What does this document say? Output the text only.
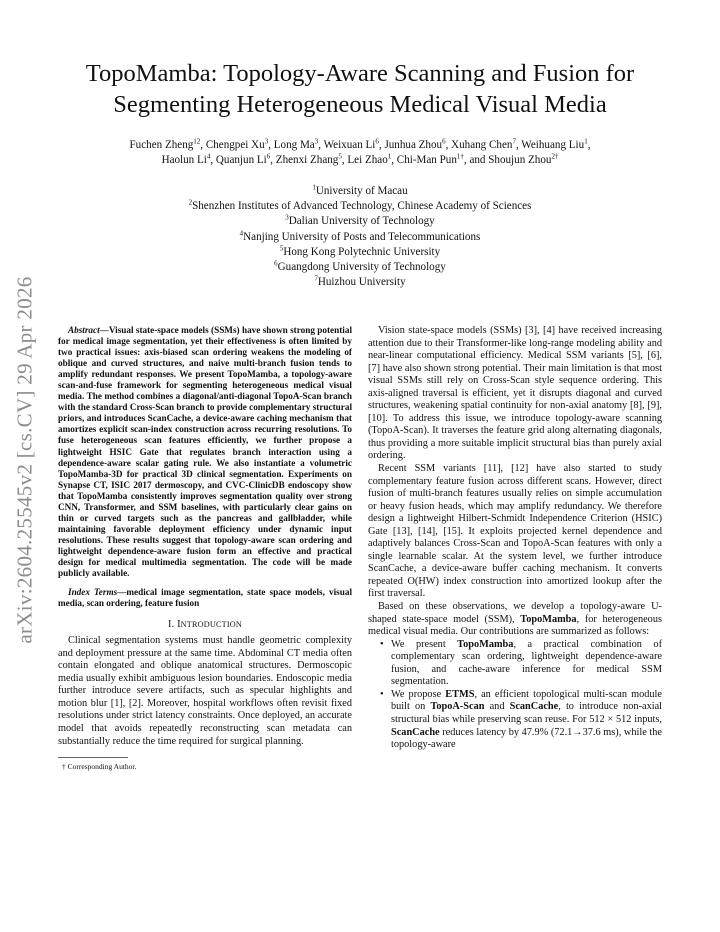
arXiv:2604.25545v2 [cs.CV] 29 Apr 2026
TopoMamba: Topology-Aware Scanning and Fusion for
Segmenting Heterogeneous Medical Visual Media
Fuchen Zheng$^{12}$, Chengpei Xu$^3$, Long Ma$^3$, Weixuan Li$^6$, Junhua Zhou$^6$, Xuhang Chen$^7$, Weihuang Liu$^1$,
Haolun Li$^4$, Quanjun Li$^6$, Zhenxi Zhang$^5$, Lei Zhao$^1$, Chi-Man Pun$^{1\dagger}$, and Shoujun Zhou$^{2\dagger}$
$^1$University of Macau
$^2$Shenzhen Institutes of Advanced Technology, Chinese Academy of Sciences
$^3$Dalian University of Technology
$^4$Nanjing University of Posts and Telecommunications
$^5$Hong Kong Polytechnic University
$^6$Guangdong University of Technology
$^7$Huizhou University

Abstract—Visual state-space models (SSMs) have shown strong potential for medical image segmentation, yet their effectiveness is often limited by two practical issues: axis-biased scan ordering weakens the modeling of oblique and curved structures, and naive multi-branch fusion tends to amplify redundant responses. We present TopoMamba, a topology-aware scan-and-fuse framework for segmenting heterogeneous medical visual media. The method combines a diagonal/anti-diagonal TopoA-Scan branch with the standard Cross-Scan branch to provide complementary structural priors, and introduces ScanCache, a device-aware caching mechanism that amortizes explicit scan-index construction across recurring resolutions. To fuse heterogeneous scan features efficiently, we further propose a lightweight HSIC Gate that regulates branch interaction using a dependence-aware scalar gating rule. We also instantiate a volumetric TopoMamba-3D for practical 3D clinical segmentation. Experiments on Synapse CT, ISIC 2017 dermoscopy, and CVC-ClinicDB endoscopy show that TopoMamba consistently improves segmentation quality over strong CNN, Transformer, and SSM baselines, with particularly clear gains on thin or curved targets such as the pancreas and gallbladder, while maintaining favorable deployment efficiency under dynamic input resolutions. These results suggest that topology-aware scan ordering and lightweight dependence-aware fusion form an effective and practical design for medical multimedia segmentation. The code will be made publicly available.

Index Terms—medical image segmentation, state space models, visual media, scan ordering, feature fusion

I. INTRODUCTION

Clinical segmentation systems must handle geometric complexity and deployment pressure at the same time. Abdominal CT media often contain elongated and oblique anatomical structures. Dermoscopic media usually exhibit ambiguous lesion boundaries. Endoscopic media further introduce severe artifacts, such as specular highlights and motion blur [1], [2]. Moreover, hospital workflows often revisit fixed resolutions under strict latency constraints. Once deployed, an accurate model that avoids repeatedly reconstructing scan metadata can substantially reduce the time required for surgical planning.

† Corresponding Author.

Vision state-space models (SSMs) [3], [4] have received increasing attention due to their Transformer-like long-range modeling ability and near-linear computational efficiency. Medical SSM variants [5], [6], [7] have also shown strong potential. Their main limitation is that most visual SSMs still rely on Cross-Scan style sequence ordering. This axis-aligned traversal is efficient, yet it disrupts diagonal and curved structures, weakening spatial continuity for non-axial anatomy [8], [9], [10]. To address this issue, we introduce topology-aware scanning (TopoA-Scan). It traverses the feature grid along alternating diagonals, thus providing a more suitable implicit structural bias than purely axial ordering.

Recent SSM variants [11], [12] have also started to study complementary feature fusion across different scans. However, direct fusion of multi-branch features usually relies on simple accumulation or heavy fusion heads, which may amplify redundancy. We therefore design a lightweight Hilbert-Schmidt Independence Criterion (HSIC) Gate [13], [14], [15]. It exploits projected kernel dependence and adaptively balances Cross-Scan and TopoA-Scan features with only a single learnable scalar. At the system level, we further introduce ScanCache, a device-aware buffer caching mechanism. It converts repeated O(HW) index construction into amortized lookup after the first traversal.

Based on these observations, we develop a topology-aware U-shaped state-space model (SSM), TopoMamba, for heterogeneous medical visual media. Our contributions are summarized as follows:

• We present TopoMamba, a practical combination of complementary scan ordering, lightweight dependence-aware fusion, and cache-aware inference for medical SSM segmentation.
• We propose ETMS, an efficient topological multi-scan module built on TopoA-Scan and ScanCache, to introduce non-axial structural bias while preserving scan reuse. For 512 × 512 inputs, ScanCache reduces latency by 47.9% (72.1→37.6 ms), while the topology-aware
